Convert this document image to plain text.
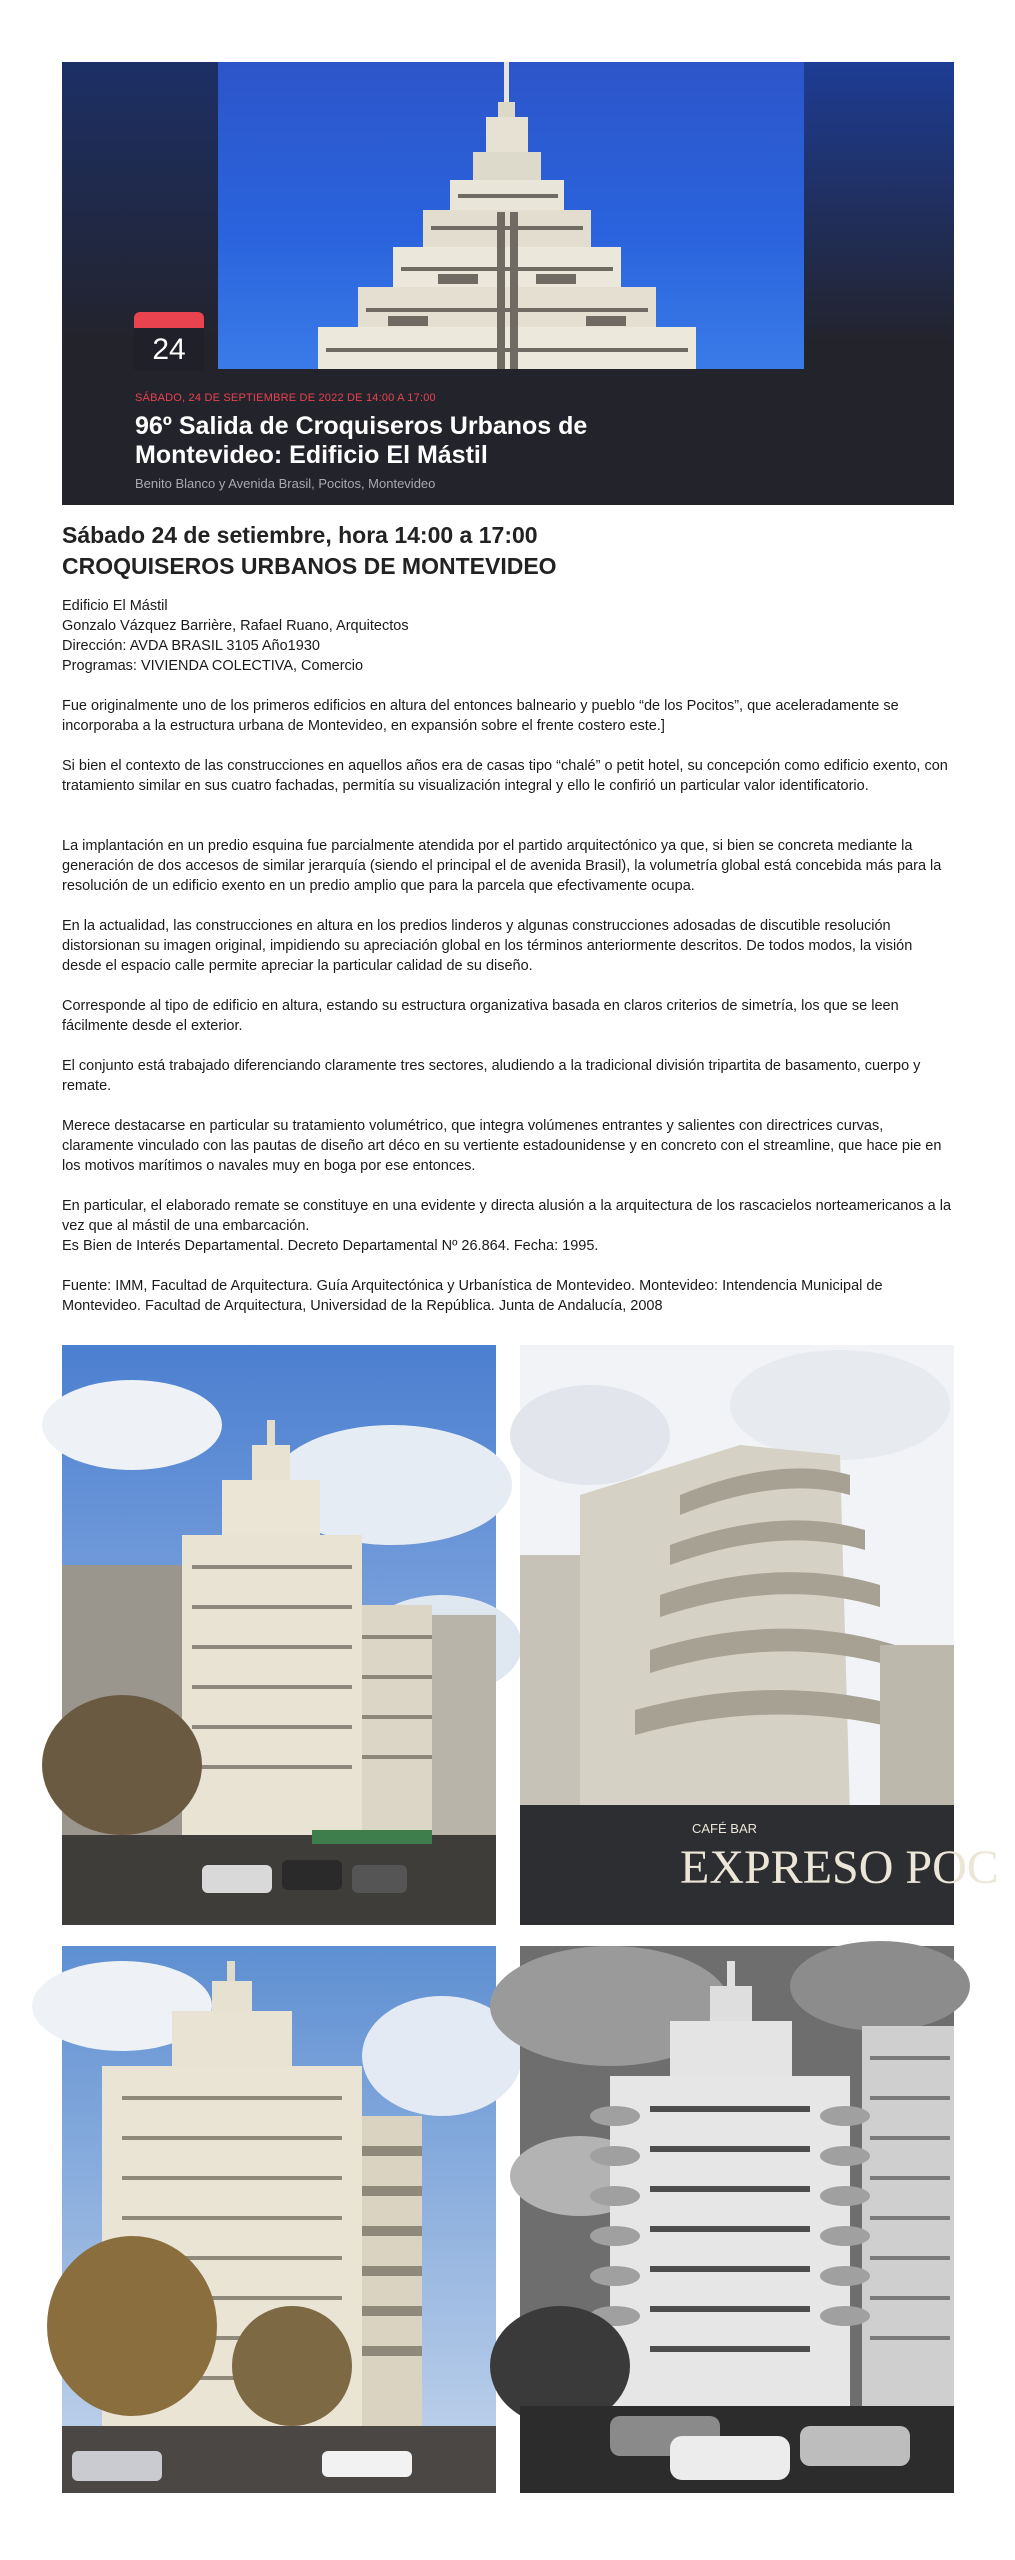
24
SÁBADO, 24 DE SEPTIEMBRE DE 2022 DE 14:00 A 17:00
96º Salida de Croquiseros Urbanos de Montevideo: Edificio El Mástil
Benito Blanco y Avenida Brasil, Pocitos, Montevideo
Sábado 24 de setiembre, hora 14:00 a 17:00
CROQUISEROS URBANOS DE MONTEVIDEO
Edificio El Mástil
Gonzalo Vázquez Barrière, Rafael Ruano, Arquitectos
Dirección: AVDA BRASIL 3105 Año1930
Programas: VIVIENDA COLECTIVA, Comercio

Fue originalmente uno de los primeros edificios en altura del entonces balneario y pueblo “de los Pocitos”, que aceleradamente se incorporaba a la estructura urbana de Montevideo, en expansión sobre el frente costero este.]

Si bien el contexto de las construcciones en aquellos años era de casas tipo “chalé” o petit hotel, su concepción como edificio exento, con tratamiento similar en sus cuatro fachadas, permitía su visualización integral y ello le confirió un particular valor identificatorio.

La implantación en un predio esquina fue parcialmente atendida por el partido arquitectónico ya que, si bien se concreta mediante la generación de dos accesos de similar jerarquía (siendo el principal el de avenida Brasil), la volumetría global está concebida más para la resolución de un edificio exento en un predio amplio que para la parcela que efectivamente ocupa.

En la actualidad, las construcciones en altura en los predios linderos y algunas construcciones adosadas de discutible resolución distorsionan su imagen original, impidiendo su apreciación global en los términos anteriormente descritos. De todos modos, la visión desde el espacio calle permite apreciar la particular calidad de su diseño.

Corresponde al tipo de edificio en altura, estando su estructura organizativa basada en claros criterios de simetría, los que se leen fácilmente desde el exterior.

El conjunto está trabajado diferenciando claramente tres sectores, aludiendo a la tradicional división tripartita de basamento, cuerpo y remate.

Merece destacarse en particular su tratamiento volumétrico, que integra volúmenes entrantes y salientes con directrices curvas, claramente vinculado con las pautas de diseño art déco en su vertiente estadounidense y en concreto con el streamline, que hace pie en los motivos marítimos o navales muy en boga por ese entonces.

En particular, el elaborado remate se constituye en una evidente y directa alusión a la arquitectura de los rascacielos norteamericanos a la vez que al mástil de una embarcación.

Es Bien de Interés Departamental. Decreto Departamental Nº 26.864. Fecha: 1995.

Fuente: IMM, Facultad de Arquitectura. Guía Arquitectónica y Urbanística de Montevideo. Montevideo: Intendencia Municipal de Montevideo. Facultad de Arquitectura, Universidad de la República. Junta de Andalucía, 2008

CAFÉ BAR
EXPRESO POC
